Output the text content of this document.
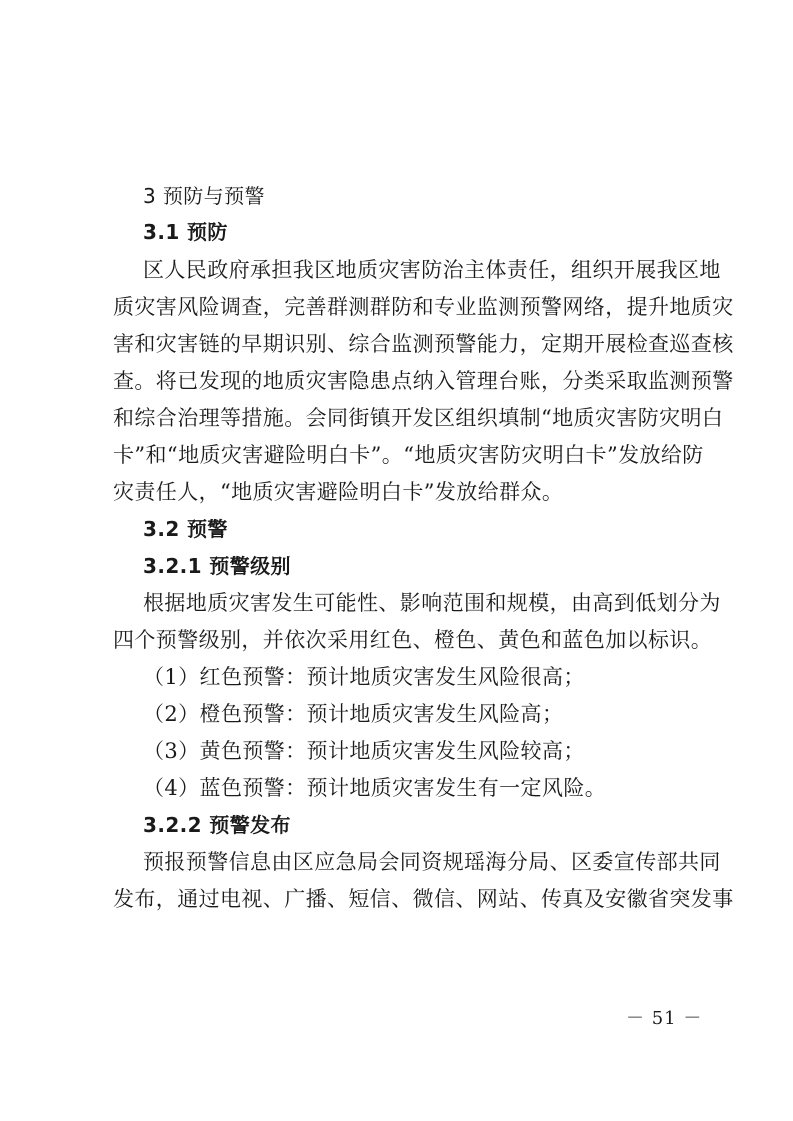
3 预防与预警
3.1 预防
区人民政府承担我区地质灾害防治主体责任，组织开展我区地
质灾害风险调查，完善群测群防和专业监测预警网络，提升地质灾
害和灾害链的早期识别、综合监测预警能力，定期开展检查巡查核
查。将已发现的地质灾害隐患点纳入管理台账，分类采取监测预警
和综合治理等措施。会同街镇开发区组织填制“地质灾害防灾明白
卡”和“地质灾害避险明白卡”。“地质灾害防灾明白卡”发放给防
灾责任人，“地质灾害避险明白卡”发放给群众。
3.2 预警
3.2.1 预警级别
根据地质灾害发生可能性、影响范围和规模，由高到低划分为
四个预警级别，并依次采用红色、橙色、黄色和蓝色加以标识。
（1）红色预警：预计地质灾害发生风险很高；
（2）橙色预警：预计地质灾害发生风险高；
（3）黄色预警：预计地质灾害发生风险较高；
（4）蓝色预警：预计地质灾害发生有一定风险。
3.2.2 预警发布
预报预警信息由区应急局会同资规瑶海分局、区委宣传部共同
发布，通过电视、广播、短信、微信、网站、传真及安徽省突发事
－ 51 －
